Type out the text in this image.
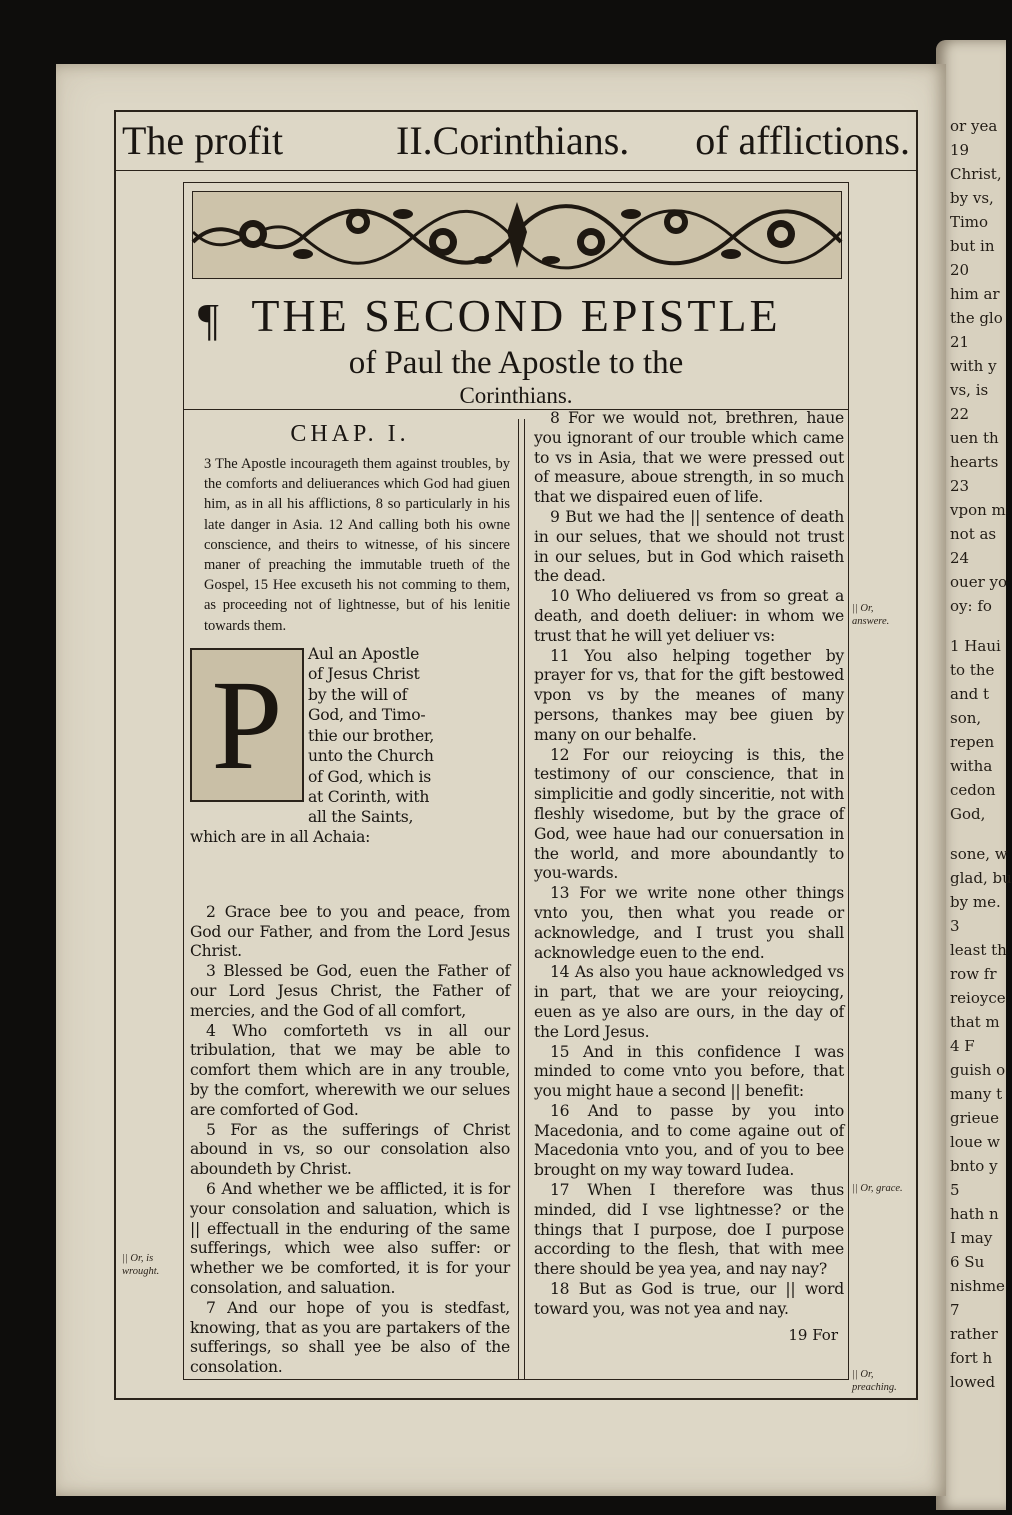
or yea
19
Christ,
by vs,
Timo
but in
20
him ar
the glo
21
with y
vs, is
22
uen th
hearts
23
vpon m
not as
24
ouer yo
oy: fo
1 Haui
to the
and t
son,
repen
witha
cedon
God,
sone, w
glad, bu
by me.
3
least th
row fr
reioyce
that m
4 F
guish o
many t
grieue
loue w
bnto y
5
hath n
I may
6 Su
nishme
7
rather
fort h
lowed
The profit	II.Corinthians. of afflictions.
¶ THE SECOND EPISTLE
of Paul the Apostle to the
Corinthians.
CHAP. I.

3 The Apostle incourageth them against troubles, by the comforts and deliuerances which God had giuen him, as in all his afflictions, 8 so particularly in his late danger in Asia. 12 And calling both his owne conscience, and theirs to witnesse, of his sincere maner of preaching the immutable trueth of the Gospel, 15 Hee excuseth his not comming to them, as proceeding not of lightnesse, but of his lenitie towards them.

P	Aul an Apostle
of Jesus Christ
by the will of
God, and Timo-
thie our brother,
unto the Church
of God, which is
at Corinth, with
all the Saints,

which are in all Achaia:

2 Grace bee to you and peace, from God our Father, and from the Lord Jesus Christ.

3 Blessed be God, euen the Father of our Lord Jesus Christ, the Father of mercies, and the God of all comfort,

4 Who comforteth vs in all our tribulation, that we may be able to comfort them which are in any trouble, by the comfort, wherewith we our selues are comforted of God.

5 For as the sufferings of Christ abound in vs, so our consolation also aboundeth by Christ.

6 And whether we be afflicted, it is for your consolation and saluation, which is || effectuall in the enduring of the same sufferings, which wee also suffer: or whether we be comforted, it is for your consolation, and saluation.

7 And our hope of you is stedfast, knowing, that as you are partakers of the sufferings, so shall yee be also of the consolation.

8 For we would not, brethren, haue you ignorant of our trouble which came to vs in Asia, that we were pressed out of measure, aboue strength, in so much that we dispaired euen of life.

9 But we had the || sentence of death in our selues, that we should not trust in our selues, but in God which raiseth the dead.

10 Who deliuered vs from so great a death, and doeth deliuer: in whom we trust that he will yet deliuer vs:

11 You also helping together by prayer for vs, that for the gift bestowed vpon vs by the meanes of many persons, thankes may bee giuen by many on our behalfe.

12 For our reioycing is this, the testimony of our conscience, that in simplicitie and godly sinceritie, not with fleshly wisedome, but by the grace of God, wee haue had our conuersation in the world, and more aboundantly to you-wards.

13 For we write none other things vnto you, then what you reade or acknowledge, and I trust you shall acknowledge euen to the end.

14 As also you haue acknowledged vs in part, that we are your reioycing, euen as ye also are ours, in the day of the Lord Jesus.

15 And in this confidence I was minded to come vnto you before, that you might haue a second || benefit:

16 And to passe by you into Macedonia, and to come againe out of Macedonia vnto you, and of you to bee brought on my way toward Iudea.

17 When I therefore was thus minded, did I vse lightnesse? or the things that I purpose, doe I purpose according to the flesh, that with mee there should be yea yea, and nay nay?

18 But as God is true, our || word toward you, was not yea and nay.

19 For
|| Or, is wrought.
|| Or, answere.
|| Or, grace.
|| Or, preaching.
